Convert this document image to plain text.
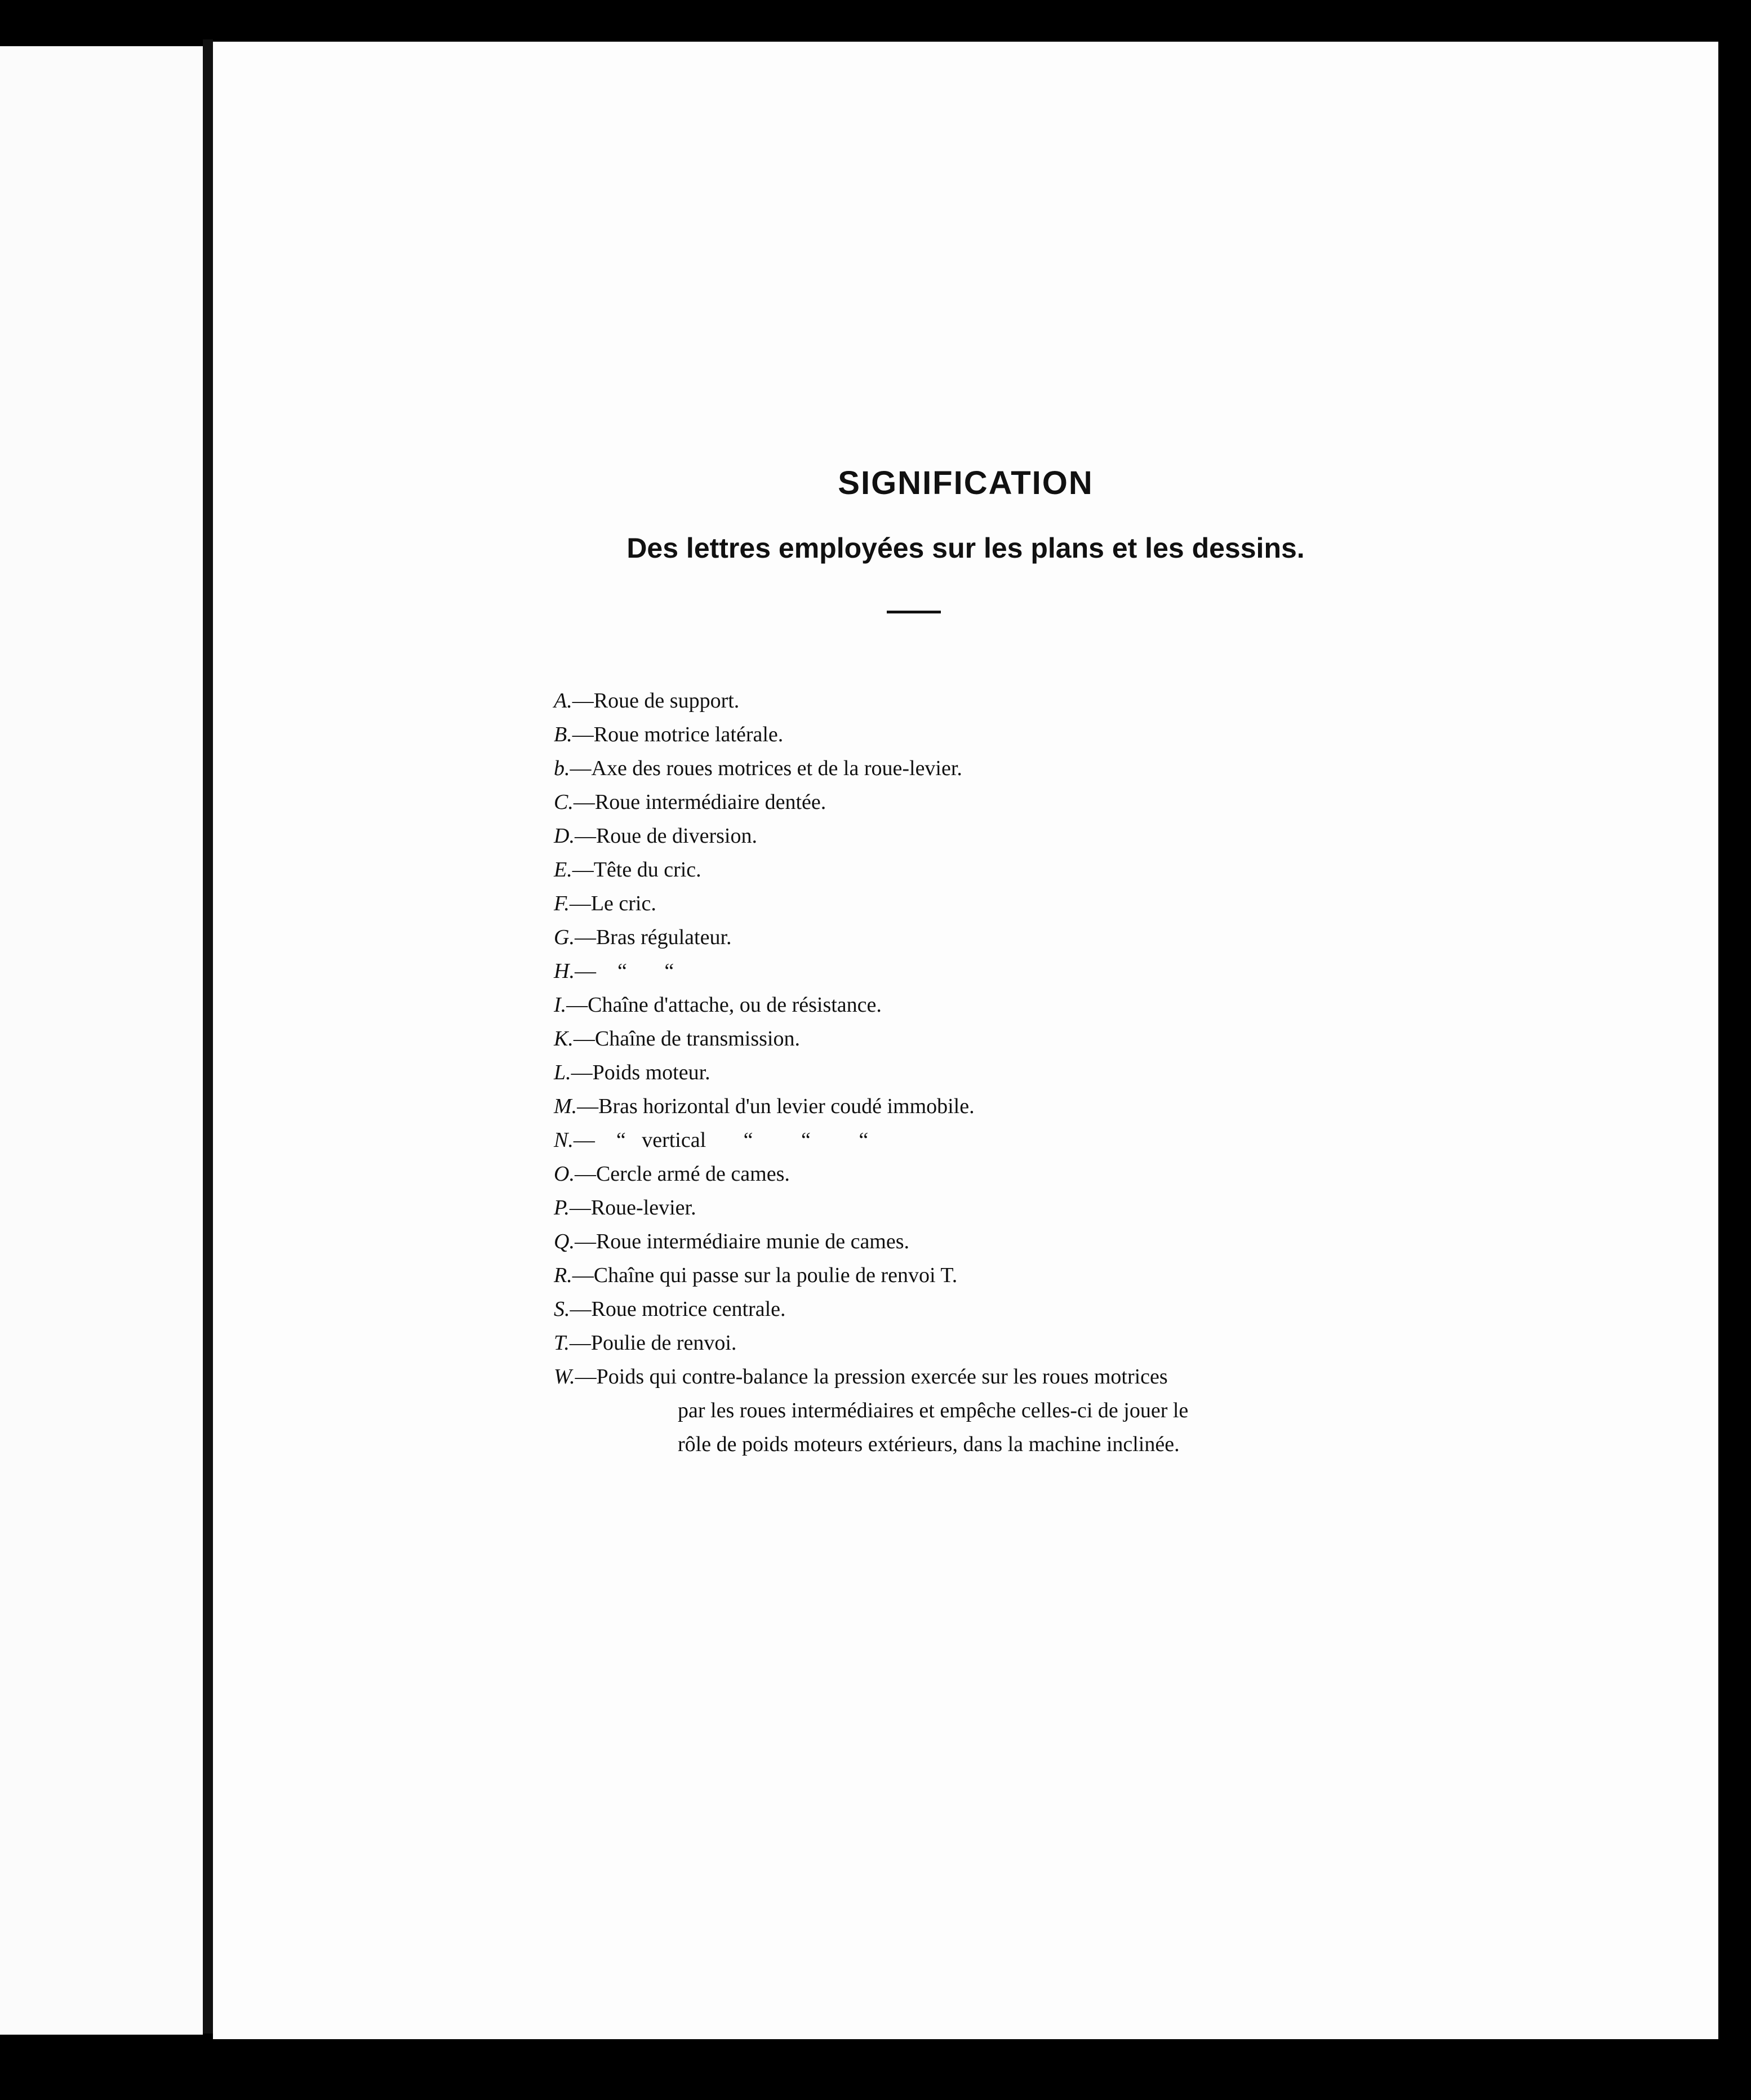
SIGNIFICATION
Des lettres employées sur les plans et les dessins.
A.—Roue de support.
B.—Roue motrice latérale.
b.—Axe des roues motrices et de la roue-levier.
C.—Roue intermédiaire dentée.
D.—Roue de diversion.
E.—Tête du cric.
F.—Le cric.
G.—Bras régulateur.
H.—    “       “
I.—Chaîne d'attache, ou de résistance.
K.—Chaîne de transmission.
L.—Poids moteur.
M.—Bras horizontal d'un levier coudé immobile.
N.—    “   vertical       “         “         “
O.—Cercle armé de cames.
P.—Roue-levier.
Q.—Roue intermédiaire munie de cames.
R.—Chaîne qui passe sur la poulie de renvoi T.
S.—Roue motrice centrale.
T.—Poulie de renvoi.
W.—Poids qui contre-balance la pression exercée sur les roues motrices
par les roues intermédiaires et empêche celles-ci de jouer le
rôle de poids moteurs extérieurs, dans la machine inclinée.
